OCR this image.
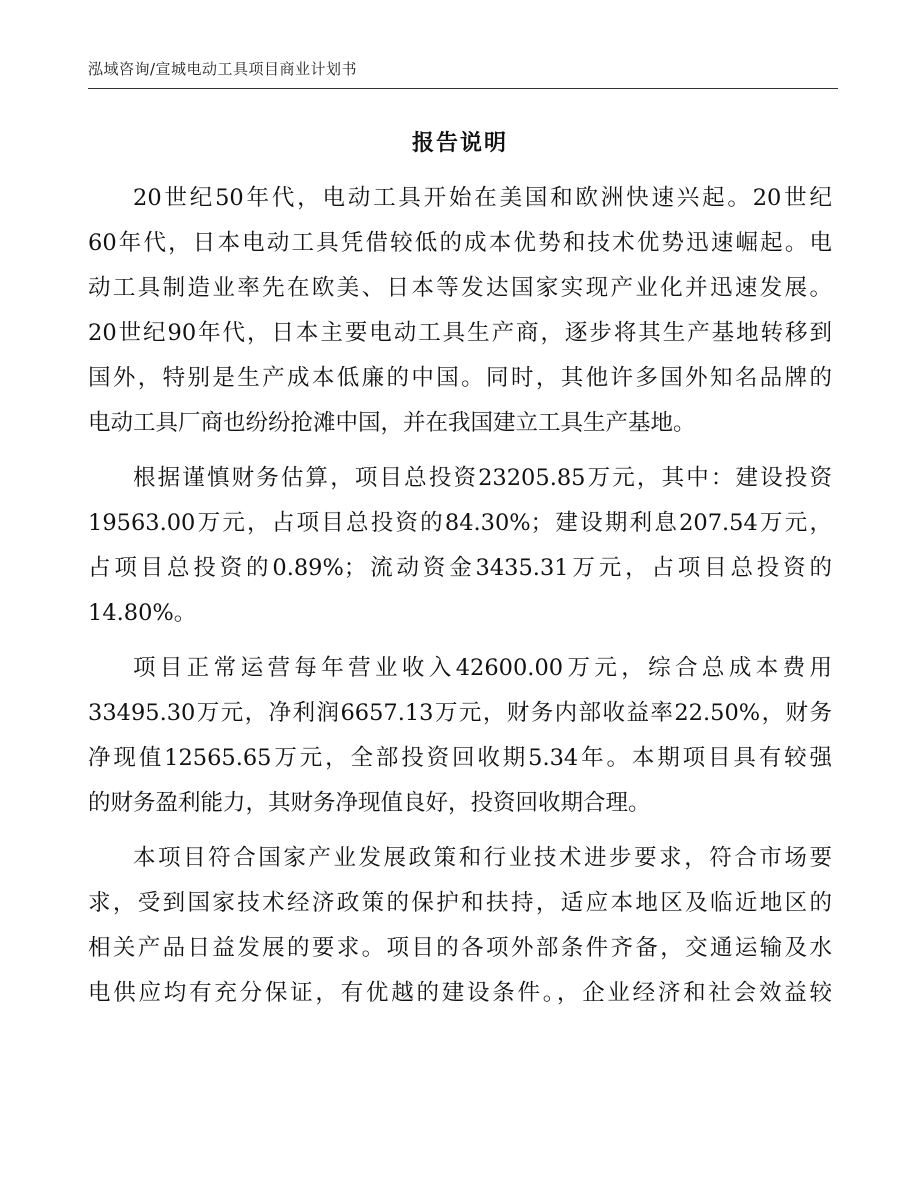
泓域咨询/宣城电动工具项目商业计划书
报告说明
20世纪50年代，电动工具开始在美国和欧洲快速兴起。20世纪
60年代，日本电动工具凭借较低的成本优势和技术优势迅速崛起。电
动工具制造业率先在欧美、日本等发达国家实现产业化并迅速发展。
20世纪90年代，日本主要电动工具生产商，逐步将其生产基地转移到
国外，特别是生产成本低廉的中国。同时，其他许多国外知名品牌的
电动工具厂商也纷纷抢滩中国，并在我国建立工具生产基地。
根据谨慎财务估算，项目总投资23205.85万元，其中：建设投资
19563.00万元，占项目总投资的84.30%；建设期利息207.54万元，
占项目总投资的0.89%；流动资金3435.31万元，占项目总投资的
14.80%。
项目正常运营每年营业收入42600.00万元，综合总成本费用
33495.30万元，净利润6657.13万元，财务内部收益率22.50%，财务
净现值12565.65万元，全部投资回收期5.34年。本期项目具有较强
的财务盈利能力，其财务净现值良好，投资回收期合理。
本项目符合国家产业发展政策和行业技术进步要求，符合市场要
求，受到国家技术经济政策的保护和扶持，适应本地区及临近地区的
相关产品日益发展的要求。项目的各项外部条件齐备，交通运输及水
电供应均有充分保证，有优越的建设条件。，企业经济和社会效益较
